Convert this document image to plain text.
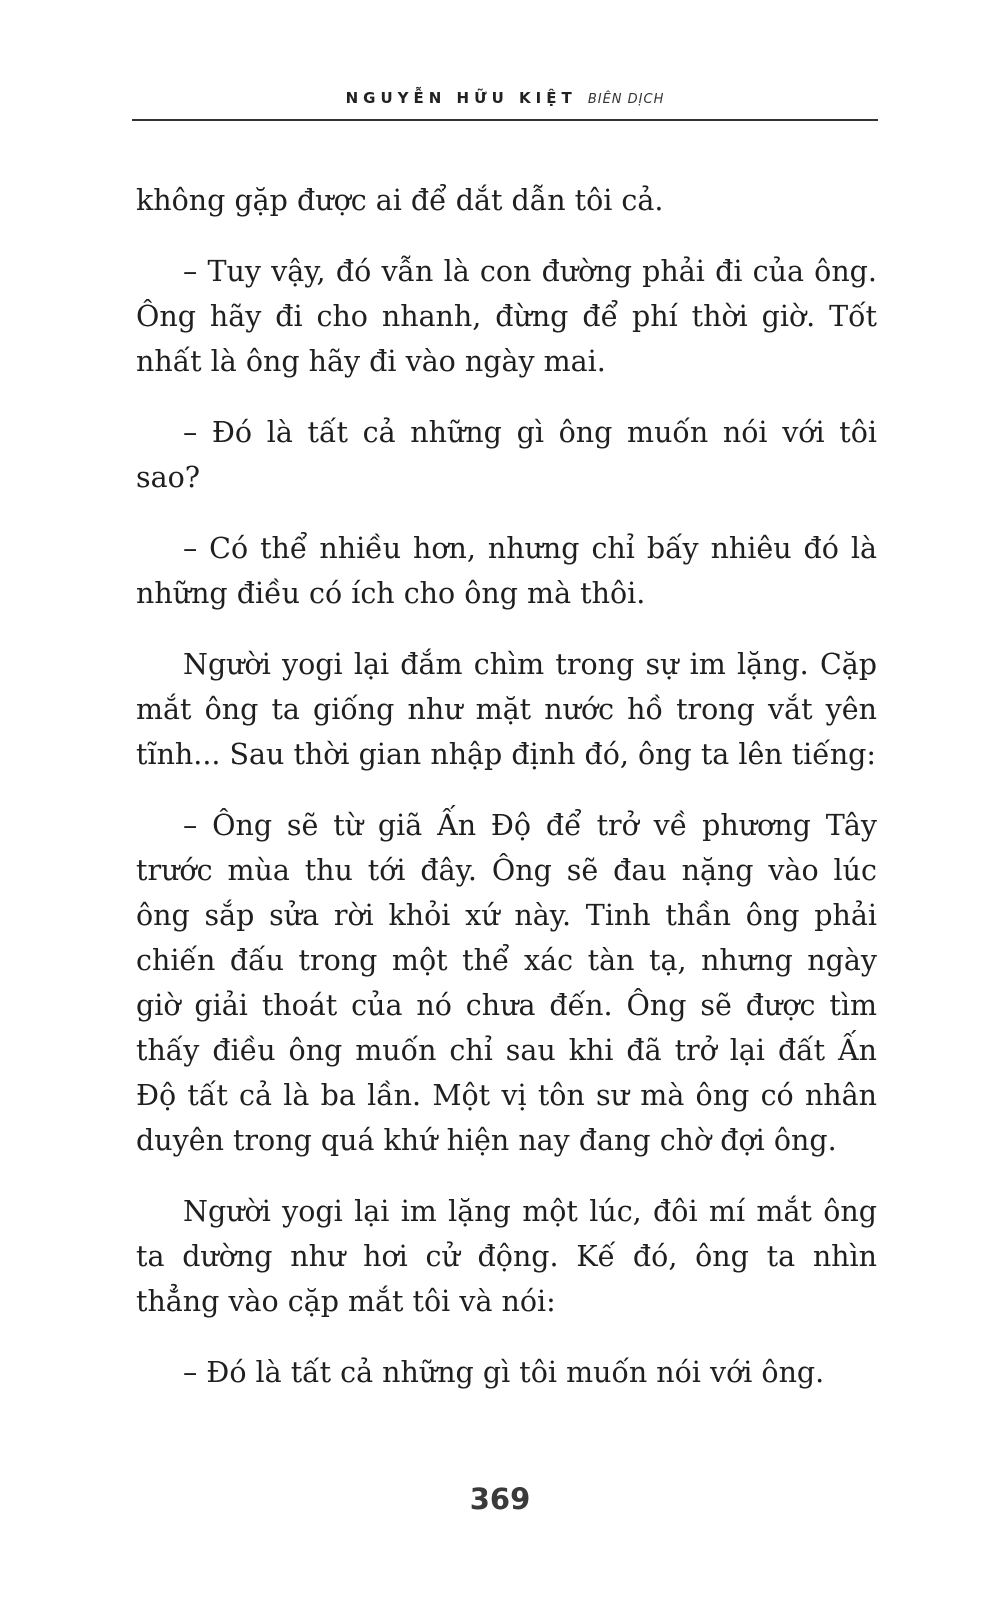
NGUYỄN HỮU KIỆT BIÊN DỊCH

không gặp được ai để dắt dẫn tôi cả.

– Tuy vậy, đó vẫn là con đường phải đi của ông. Ông hãy đi cho nhanh, đừng để phí thời giờ. Tốt nhất là ông hãy đi vào ngày mai.

– Đó là tất cả những gì ông muốn nói với tôi sao?

– Có thể nhiều hơn, nhưng chỉ bấy nhiêu đó là những điều có ích cho ông mà thôi.

Người yogi lại đắm chìm trong sự im lặng. Cặp mắt ông ta giống như mặt nước hồ trong vắt yên tĩnh... Sau thời gian nhập định đó, ông ta lên tiếng:

– Ông sẽ từ giã Ấn Độ để trở về phương Tây trước mùa thu tới đây. Ông sẽ đau nặng vào lúc ông sắp sửa rời khỏi xứ này. Tinh thần ông phải chiến đấu trong một thể xác tàn tạ, nhưng ngày giờ giải thoát của nó chưa đến. Ông sẽ được tìm thấy điều ông muốn chỉ sau khi đã trở lại đất Ấn Độ tất cả là ba lần. Một vị tôn sư mà ông có nhân duyên trong quá khứ hiện nay đang chờ đợi ông.

Người yogi lại im lặng một lúc, đôi mí mắt ông ta dường như hơi cử động. Kế đó, ông ta nhìn thẳng vào cặp mắt tôi và nói:

– Đó là tất cả những gì tôi muốn nói với ông.

369
